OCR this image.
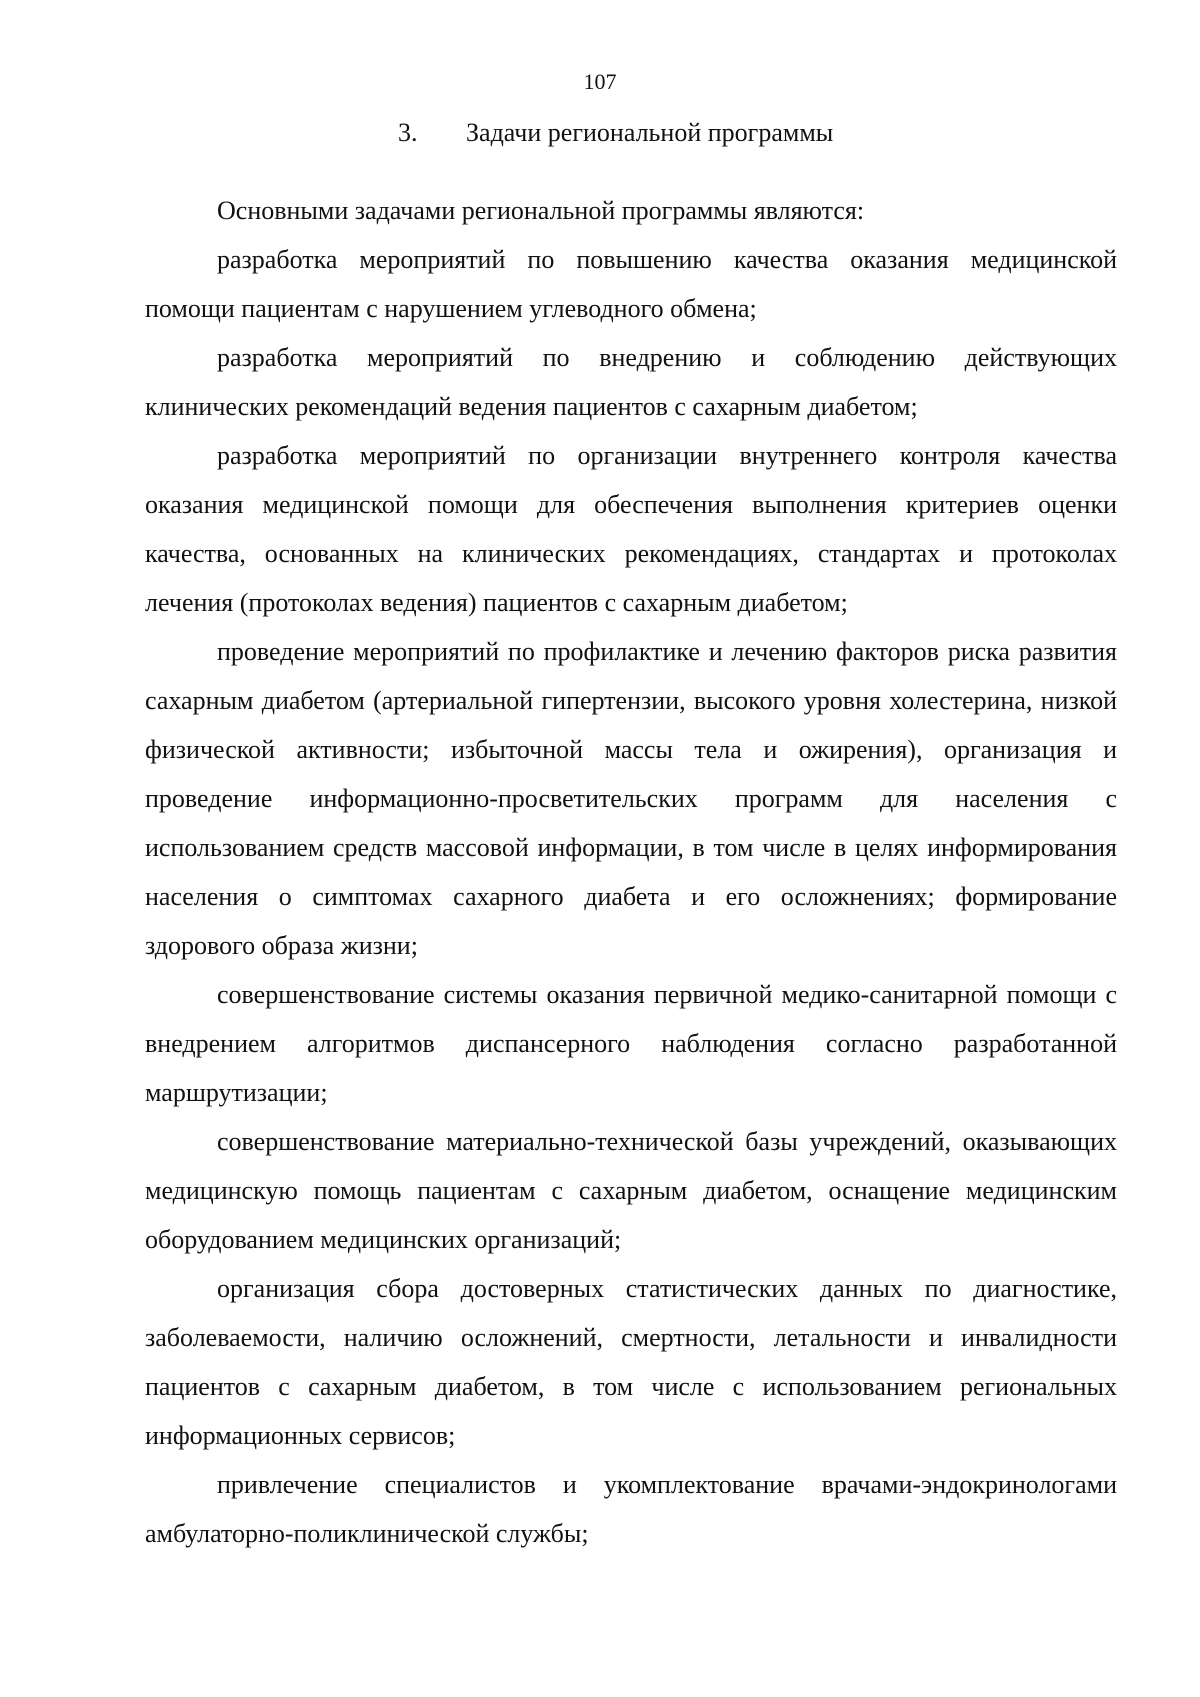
107
3. Задачи региональной программы

Основными задачами региональной программы являются:

разработка мероприятий по повышению качества оказания медицинской помощи пациентам с нарушением углеводного обмена;

разработка мероприятий по внедрению и соблюдению действующих клинических рекомендаций ведения пациентов с сахарным диабетом;

разработка мероприятий по организации внутреннего контроля качества оказания медицинской помощи для обеспечения выполнения критериев оценки качества, основанных на клинических рекомендациях, стандартах и протоколах лечения (протоколах ведения) пациентов с сахарным диабетом;

проведение мероприятий по профилактике и лечению факторов риска развития сахарным диабетом (артериальной гипертензии, высокого уровня холестерина, низкой физической активности; избыточной массы тела и ожирения), организация и проведение информационно-просветительских программ для населения с использованием средств массовой информации, в том числе в целях информирования населения о симптомах сахарного диабета и его осложнениях; формирование здорового образа жизни;

совершенствование системы оказания первичной медико-санитарной помощи с внедрением алгоритмов диспансерного наблюдения согласно разработанной маршрутизации;

совершенствование материально-технической базы учреждений, оказывающих медицинскую помощь пациентам с сахарным диабетом, оснащение медицинским оборудованием медицинских организаций;

организация сбора достоверных статистических данных по диагностике, заболеваемости, наличию осложнений, смертности, летальности и инвалидности пациентов с сахарным диабетом, в том числе с использованием региональных информационных сервисов;

привлечение специалистов и укомплектование врачами-эндокринологами амбулаторно-поликлинической службы;
